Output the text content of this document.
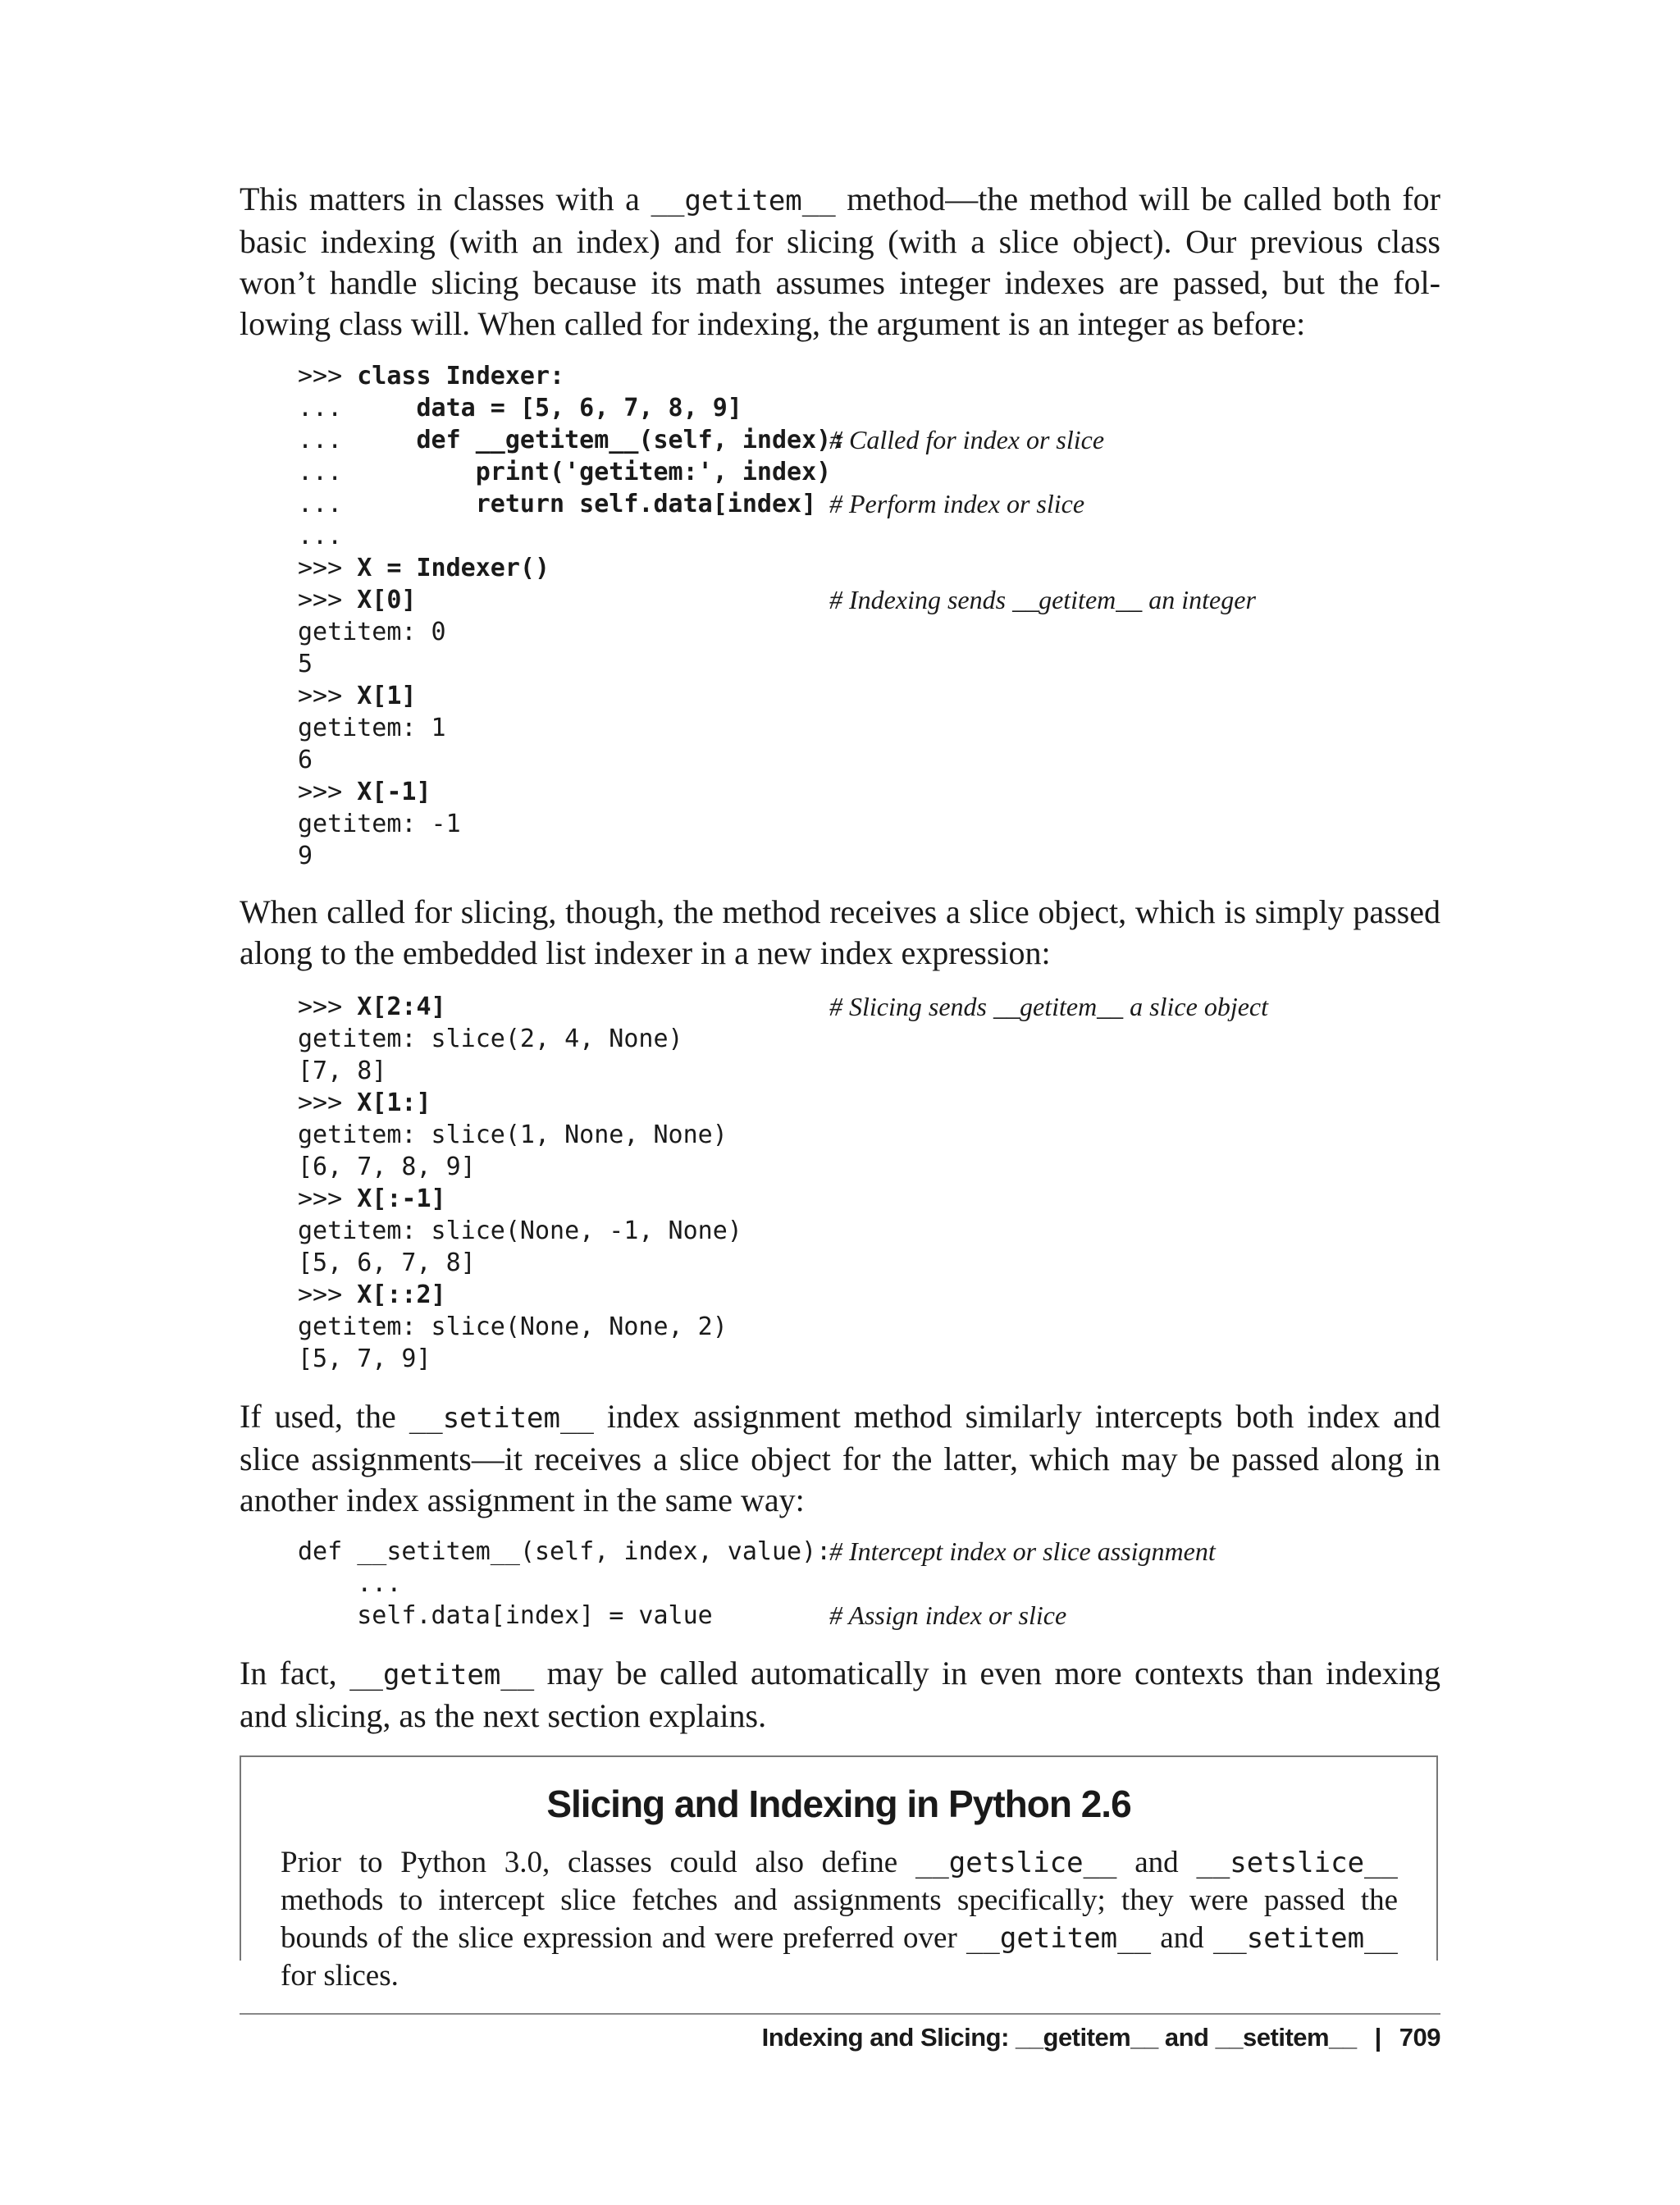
This matters in classes with a __getitem__ method—the method will be called both for basic indexing (with an index) and for slicing (with a slice object). Our previous class won’t handle slicing because its math assumes integer indexes are passed, but the following class will. When called for indexing, the argument is an integer as before:

>>> class Indexer:
...     data = [5, 6, 7, 8, 9]
...     def __getitem__(self, index):
# Called for index or slice
...         print('getitem:', index)
...         return self.data[index] # Perform index or slice
...
>>> X = Indexer()
>>> X[0]	# Indexing sends __getitem__ an integer
getitem: 0
5
>>> X[1]
getitem: 1
6
>>> X[-1]
getitem: -1
9

When called for slicing, though, the method receives a slice object, which is simply passed along to the embedded list indexer in a new index expression:

>>> X[2:4]	# Slicing sends __getitem__ a slice object
getitem: slice(2, 4, None)
[7, 8]
>>> X[1:]
getitem: slice(1, None, None)
[6, 7, 8, 9]
>>> X[:-1]
getitem: slice(None, -1, None)
[5, 6, 7, 8]
>>> X[::2]
getitem: slice(None, None, 2)
[5, 7, 9]

If used, the __setitem__ index assignment method similarly intercepts both index and slice assignments—it receives a slice object for the latter, which may be passed along in another index assignment in the same way:

def __setitem__(self, index, value):
# Intercept index or slice assignment
...
self.data[index] = value	# Assign index or slice

In fact, __getitem__ may be called automatically in even more contexts than indexing and slicing, as the next section explains.

Slicing and Indexing in Python 2.6

Prior to Python 3.0, classes could also define __getslice__ and __setslice__ methods to intercept slice fetches and assignments specifically; they were passed the bounds of the slice expression and were preferred over __getitem__ and __setitem__ for slices.

Indexing and Slicing: __getitem__ and __setitem__ | 709
